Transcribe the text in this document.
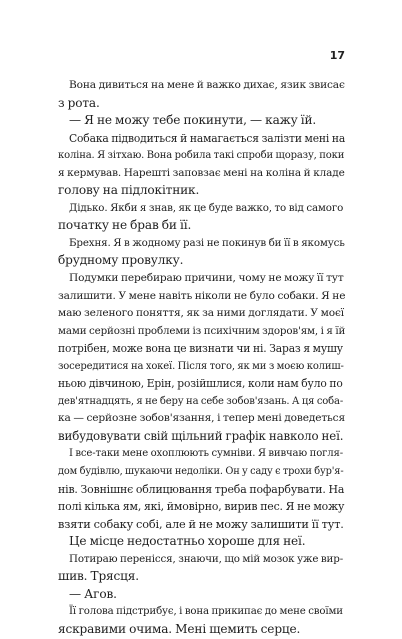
17
Вона дивиться на мене й важко дихає, язик звисає
з рота.
— Я не можу тебе покинути, — кажу їй.
Собака підводиться й намагається залізти мені на
коліна. Я зітхаю. Вона робила такі спроби щоразу, поки
я кермував. Нарешті заповзає мені на коліна й кладе
голову на підлокітник.
Дідько. Якби я знав, як це буде важко, то від самого
початку не брав би її.
Брехня. Я в жодному разі не покинув би її в якомусь
брудному провулку.
Подумки перебираю причини, чому не можу її тут
залишити. У мене навіть ніколи не було собаки. Я не
маю зеленого поняття, як за ними доглядати. У моєї
мами серйозні проблеми із психічним здоров'ям, і я їй
потрібен, може вона це визнати чи ні. Зараз я мушу
зосередитися на хокеї. Після того, як ми з моєю колиш-
ньою дівчиною, Ерін, розійшлися, коли нам було по
дев'ятнадцять, я не беру на себе зобов'язань. А ця соба-
ка — серйозне зобов'язання, і тепер мені доведеться
вибудовувати свій щільний графік навколо неї.
І все-таки мене охоплюють сумніви. Я вивчаю погля-
дом будівлю, шукаючи недоліки. Он у саду є трохи бур'я-
нів. Зовнішнє облицювання треба пофарбувати. На
полі кілька ям, які, ймовірно, вирив пес. Я не можу
взяти собаку собі, але й не можу залишити її тут.
Це місце недостатньо хороше для неї.
Потираю перенісся, знаючи, що мій мозок уже вир-
шив. Трясця.
— Агов.
Її голова підстрибує, і вона прикипає до мене своїми
яскравими очима. Мені щемить серце.
